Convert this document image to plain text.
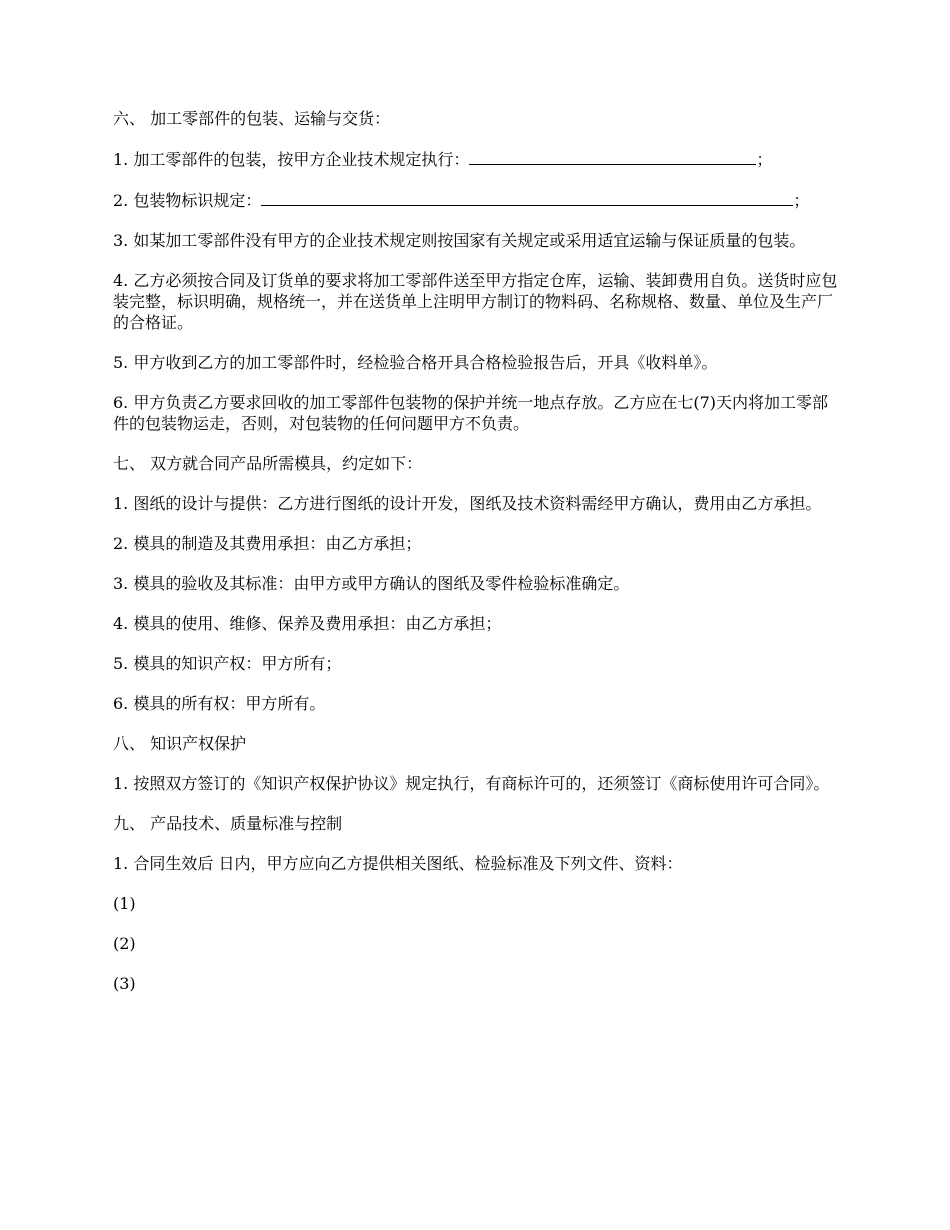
六、 加工零部件的包装、运输与交货：

1. 加工零部件的包装，按甲方企业技术规定执行：	；

2. 包装物标识规定：	；

3. 如某加工零部件没有甲方的企业技术规定则按国家有关规定或采用适宜运输与保证质量的包装。

4. 乙方必须按合同及订货单的要求将加工零部件送至甲方指定仓库，运输、装卸费用自负。送货时应包装完整，标识明确，规格统一，并在送货单上注明甲方制订的物料码、名称规格、数量、单位及生产厂的合格证。

5. 甲方收到乙方的加工零部件时，经检验合格开具合格检验报告后，开具《收料单》。

6. 甲方负责乙方要求回收的加工零部件包装物的保护并统一地点存放。乙方应在七(7)天内将加工零部件的包装物运走，否则，对包装物的任何问题甲方不负责。

七、 双方就合同产品所需模具，约定如下：

1. 图纸的设计与提供：乙方进行图纸的设计开发，图纸及技术资料需经甲方确认，费用由乙方承担。

2. 模具的制造及其费用承担：由乙方承担；

3. 模具的验收及其标准：由甲方或甲方确认的图纸及零件检验标准确定。

4. 模具的使用、维修、保养及费用承担：由乙方承担；

5. 模具的知识产权：甲方所有；

6. 模具的所有权：甲方所有。

八、 知识产权保护

1. 按照双方签订的《知识产权保护协议》规定执行，有商标许可的，还须签订《商标使用许可合同》。

九、 产品技术、质量标准与控制

1. 合同生效后 日内，甲方应向乙方提供相关图纸、检验标准及下列文件、资料：

(1)

(2)

(3)
